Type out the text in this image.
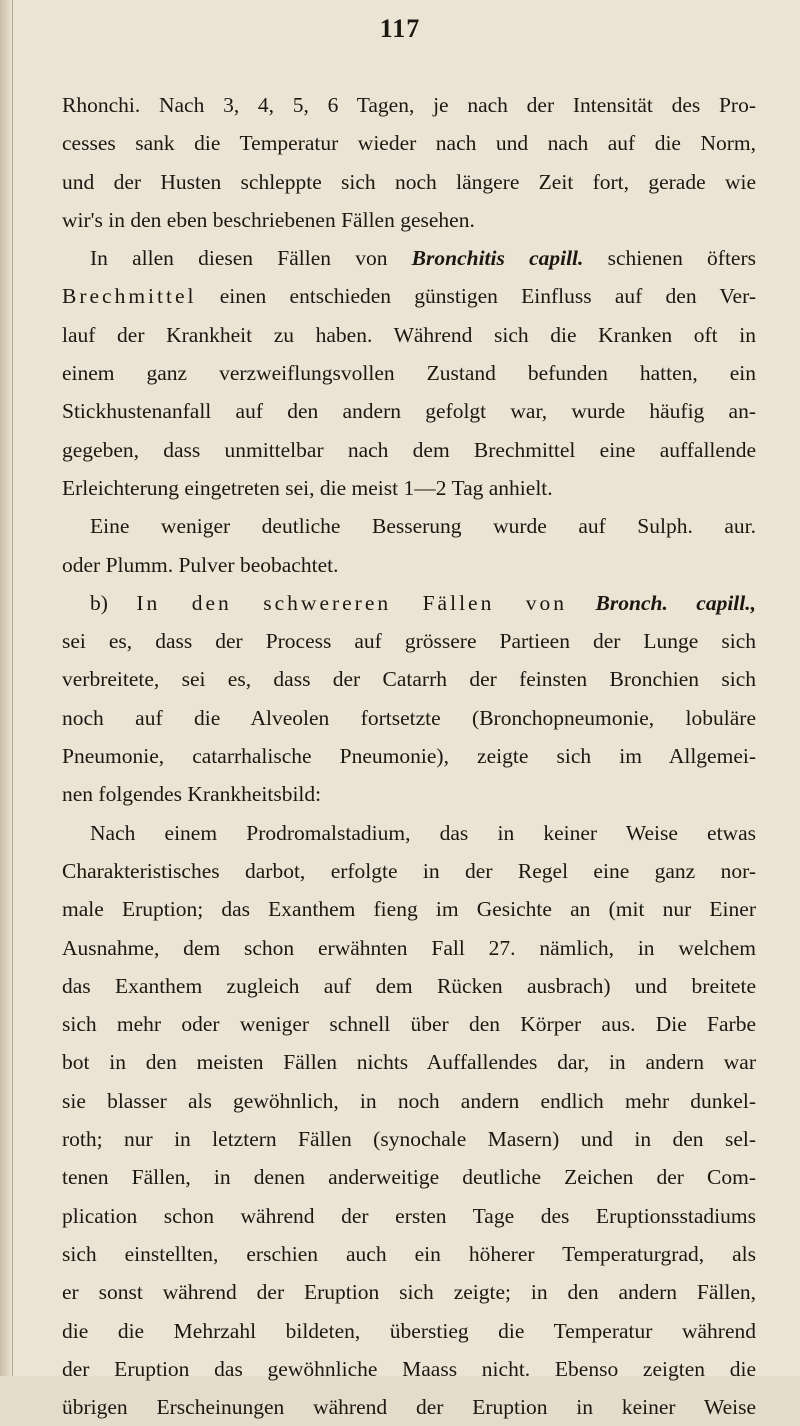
117
Rhonchi. Nach 3, 4, 5, 6 Tagen, je nach der Intensität des Pro-
cesses sank die Temperatur wieder nach und nach auf die Norm,
und der Husten schleppte sich noch längere Zeit fort, gerade wie
wir's in den eben beschriebenen Fällen gesehen.
In allen diesen Fällen von Bronchitis capill. schienen öfters
Brechmittel einen entschieden günstigen Einfluss auf den Ver-
lauf der Krankheit zu haben. Während sich die Kranken oft in
einem ganz verzweiflungsvollen Zustand befunden hatten, ein
Stickhustenanfall auf den andern gefolgt war, wurde häufig an-
gegeben, dass unmittelbar nach dem Brechmittel eine auffallende
Erleichterung eingetreten sei, die meist 1—2 Tag anhielt.
Eine weniger deutliche Besserung wurde auf Sulph. aur.
oder Plumm. Pulver beobachtet.
b) In den schwereren Fällen von Bronch. capill.,
sei es, dass der Process auf grössere Partieen der Lunge sich
verbreitete, sei es, dass der Catarrh der feinsten Bronchien sich
noch auf die Alveolen fortsetzte (Bronchopneumonie, lobuläre
Pneumonie, catarrhalische Pneumonie), zeigte sich im Allgemei-
nen folgendes Krankheitsbild:
Nach einem Prodromalstadium, das in keiner Weise etwas
Charakteristisches darbot, erfolgte in der Regel eine ganz nor-
male Eruption; das Exanthem fieng im Gesichte an (mit nur Einer
Ausnahme, dem schon erwähnten Fall 27. nämlich, in welchem
das Exanthem zugleich auf dem Rücken ausbrach) und breitete
sich mehr oder weniger schnell über den Körper aus. Die Farbe
bot in den meisten Fällen nichts Auffallendes dar, in andern war
sie blasser als gewöhnlich, in noch andern endlich mehr dunkel-
roth; nur in letztern Fällen (synochale Masern) und in den sel-
tenen Fällen, in denen anderweitige deutliche Zeichen der Com-
plication schon während der ersten Tage des Eruptionsstadiums
sich einstellten, erschien auch ein höherer Temperaturgrad, als
er sonst während der Eruption sich zeigte; in den andern Fällen,
die die Mehrzahl bildeten, überstieg die Temperatur während
der Eruption das gewöhnliche Maass nicht. Ebenso zeigten die
übrigen Erscheinungen während der Eruption in keiner Weise
